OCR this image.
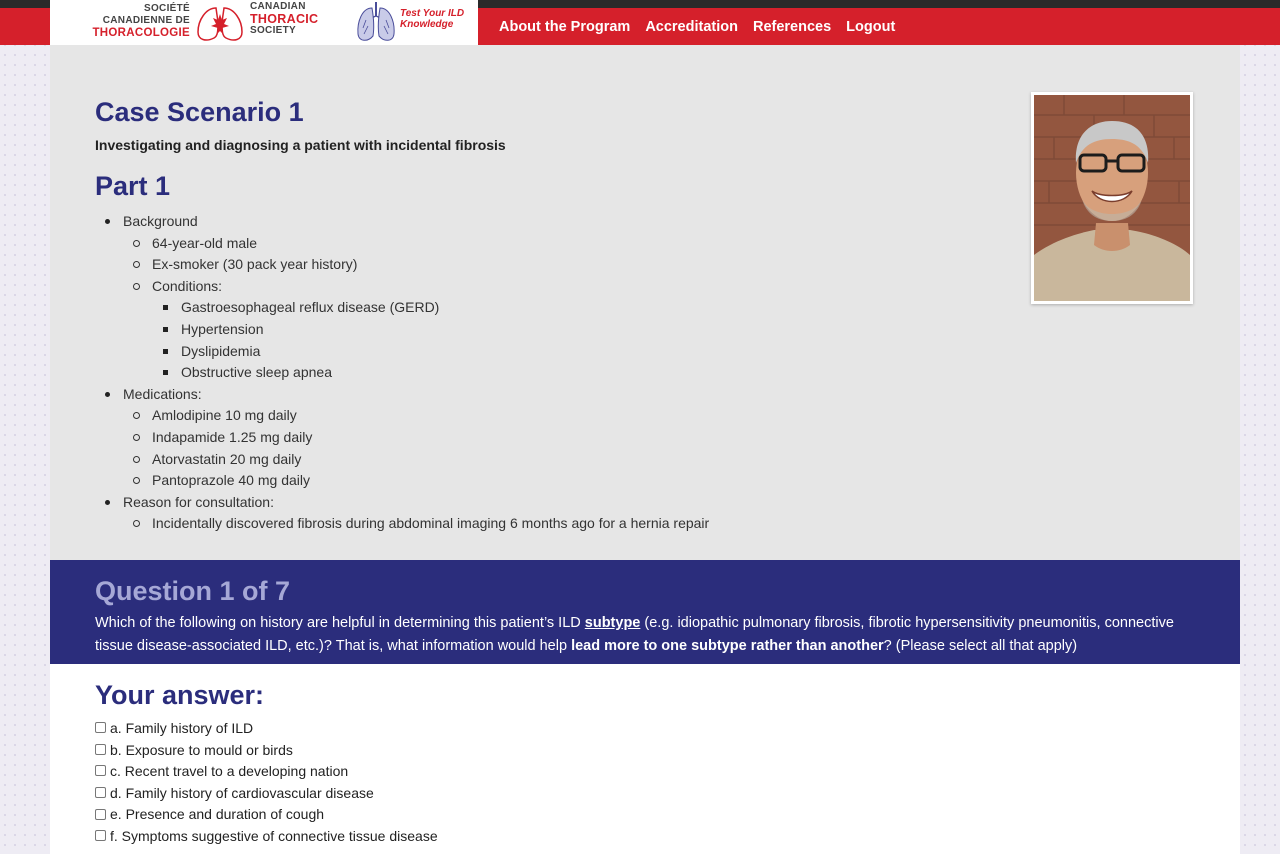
About the Program Accreditation References Logout
SOCIÉTÉ
CANADIENNE DE
THORACOLOGIE
CANADIAN
THORACIC
SOCIETY
Test Your ILD
Knowledge
Case Scenario 1
Investigating and diagnosing a patient with incidental fibrosis
Part 1
Background
64-year-old male
Ex-smoker (30 pack year history)
Conditions:
Gastroesophageal reflux disease (GERD)
Hypertension
Dyslipidemia
Obstructive sleep apnea
Medications:
Amlodipine 10 mg daily
Indapamide 1.25 mg daily
Atorvastatin 20 mg daily
Pantoprazole 40 mg daily
Reason for consultation:
Incidentally discovered fibrosis during abdominal imaging 6 months ago for a hernia repair
Question 1 of 7

Which of the following on history are helpful in determining this patient’s ILD subtype (e.g. idiopathic pulmonary fibrosis, fibrotic hypersensitivity pneumonitis, connective tissue disease-associated ILD, etc.)? That is, what information would help lead more to one subtype rather than another? (Please select all that apply)

Your answer:
a. Family history of ILD
b. Exposure to mould or birds
c. Recent travel to a developing nation
d. Family history of cardiovascular disease
e. Presence and duration of cough
f. Symptoms suggestive of connective tissue disease
